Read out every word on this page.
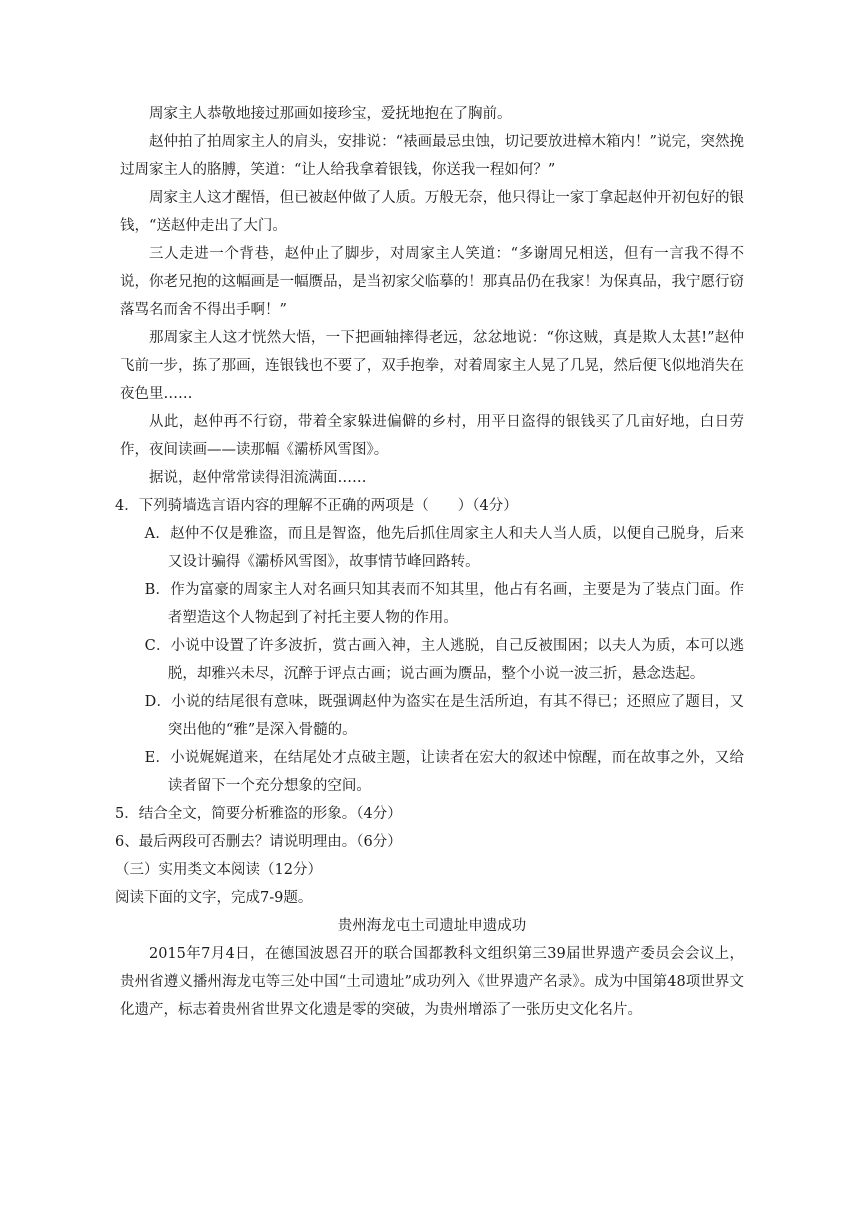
周家主人恭敬地接过那画如接珍宝，爱抚地抱在了胸前。

赵仲拍了拍周家主人的肩头，安排说：“裱画最忌虫蚀，切记要放进樟木箱内！”说完，突然挽过周家主人的胳膊，笑道：“让人给我拿着银钱，你送我一程如何？”

周家主人这才醒悟，但已被赵仲做了人质。万般无奈，他只得让一家丁拿起赵仲开初包好的银钱，“送赵仲走出了大门。

三人走进一个背巷，赵仲止了脚步，对周家主人笑道：“多谢周兄相送，但有一言我不得不说，你老兄抱的这幅画是一幅赝品，是当初家父临摹的！那真品仍在我家！为保真品，我宁愿行窃落骂名而舍不得出手啊！”

那周家主人这才恍然大悟，一下把画轴摔得老远，忿忿地说：“你这贼，真是欺人太甚!”赵仲飞前一步，拣了那画，连银钱也不要了，双手抱拳，对着周家主人晃了几晃，然后便飞似地消失在夜色里……

从此，赵仲再不行窃，带着全家躲进偏僻的乡村，用平日盗得的银钱买了几亩好地，白日劳作，夜间读画——读那幅《灞桥风雪图》。

据说，赵仲常常读得泪流满面……

4．下列骑墙选言语内容的理解不正确的两项是（　　）（4分）

A．赵仲不仅是雅盗，而且是智盗，他先后抓住周家主人和夫人当人质，以便自己脱身，后来又设计骗得《灞桥风雪图》，故事情节峰回路转。

B．作为富豪的周家主人对名画只知其表而不知其里，他占有名画，主要是为了装点门面。作者塑造这个人物起到了衬托主要人物的作用。

C．小说中设置了许多波折，赏古画入神，主人逃脱，自己反被围困；以夫人为质，本可以逃脱，却雅兴未尽，沉醉于评点古画；说古画为赝品，整个小说一波三折，悬念迭起。

D．小说的结尾很有意味，既强调赵仲为盗实在是生活所迫，有其不得已；还照应了题目，又突出他的“雅”是深入骨髓的。

E．小说娓娓道来，在结尾处才点破主题，让读者在宏大的叙述中惊醒，而在故事之外，又给读者留下一个充分想象的空间。

5．结合全文，简要分析雅盗的形象。（4分）

6、最后两段可否删去？请说明理由。（6分）

（三）实用类文本阅读（12分）

阅读下面的文字，完成7-9题。

贵州海龙屯土司遗址申遗成功

2015年7月4日，在德国波恩召开的联合国都教科文组织第三39届世界遗产委员会会议上，贵州省遵义播州海龙屯等三处中国“土司遗址”成功列入《世界遗产名录》。成为中国第48项世界文化遗产，标志着贵州省世界文化遗是零的突破，为贵州增添了一张历史文化名片。
